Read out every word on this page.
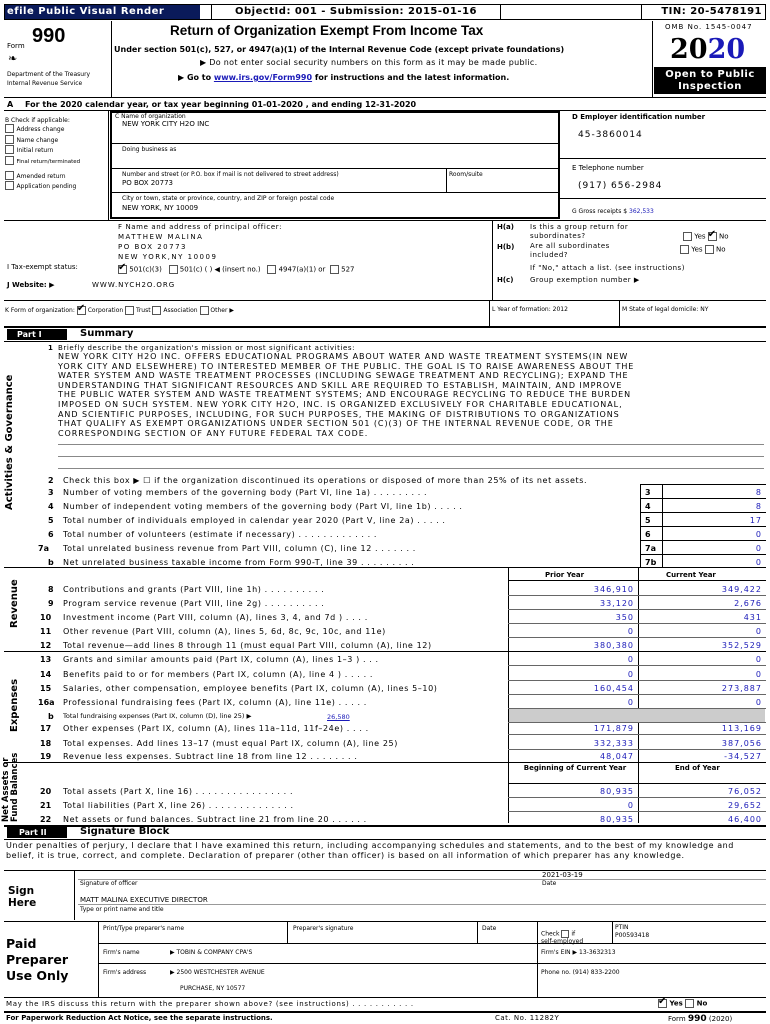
efile Public Visual Render	ObjectId: 001 - Submission: 2015-01-16	TIN: 20-5478191
Form 990
❧
Department of the Treasury Internal Revenue Service
Return of Organization Exempt From Income Tax
Under section 501(c), 527, or 4947(a)(1) of the Internal Revenue Code (except private foundations)
▶ Do not enter social security numbers on this form as it may be made public.
▶ Go to www.irs.gov/Form990 for instructions and the latest information.
OMB No. 1545-0047
2020
Open to Public Inspection
A For the 2020 calendar year, or tax year beginning 01-01-2020 , and ending 12-31-2020
B Check if applicable:
Address change
Name change
Initial return
Final return/terminated
Amended return
Application pending
C Name of organization
NEW YORK CITY H2O INC
Doing business as
Number and street (or P.O. box if mail is not delivered to street address)	Room/suite
PO BOX 20773
City or town, state or province, country, and ZIP or foreign postal code
NEW YORK, NY 10009
D Employer identification number
45-3860014
E Telephone number
(917) 656-2984
G Gross receipts $ 362,533
F Name and address of principal officer:
MATTHEW MALINA
PO BOX 20773
NEW YORK,NY 10009
H(a) Is this a group return for subordinates?	Yes ✔ No
H(b) Are all subordinates included?
Yes No
If "No," attach a list. (see instructions)
I Tax-exempt status: ✔	501(c)(3)	501(c) ( ) ◀ (insert no.)	4947(a)(1) or 527
H(c) Group exemption number ▶
J Website: ▶	WWW.NYCH2O.ORG
K Form of organization: ✔ Corporation Trust Association Other ▶	L Year of formation: 2012	M State of legal domicile: NY
Part I	Summary
1 Briefly describe the organization's mission or most significant activities:
NEW YORK CITY H2O INC. OFFERS EDUCATIONAL PROGRAMS ABOUT WATER AND WASTE TREATMENT SYSTEMS(IN NEW
YORK CITY AND ELSEWHERE) TO INTERESTED MEMBER OF THE PUBLIC. THE GOAL IS TO RAISE AWARENESS ABOUT THE
WATER SYSTEM AND WASTE TREATMENT PROCESSES (INCLUDING SEWAGE TREATMENT AND RECYCLING); EXPAND THE
UNDERSTANDING THAT SIGNIFICANT RESOURCES AND SKILL ARE REQUIRED TO ESTABLISH, MAINTAIN, AND IMPROVE
THE PUBLIC WATER SYSTEM AND WASTE TREATMENT SYSTEMS; AND ENCOURAGE RECYCLING TO REDUCE THE BURDEN
IMPOSED ON SUCH SYSTEM. NEW YORK CITY H2O, INC. IS ORGANIZED EXCLUSIVELY FOR CHARITABLE EDUCATIONAL,
AND SCIENTIFIC PURPOSES, INCLUDING, FOR SUCH PURPOSES, THE MAKING OF DISTRIBUTIONS TO ORGANIZATIONS
THAT QUALIFY AS EXEMPT ORGANIZATIONS UNDER SECTION 501 (C)(3) OF THE INTERNAL REVENUE CODE, OR THE
CORRESPONDING SECTION OF ANY FUTURE FEDERAL TAX CODE.
Activities & Governance
Revenue
Expenses
Net Assets or Fund Balances
2	Check this box ▶ ☐ if the organization discontinued its operations or disposed of more than 25% of its net assets.
3	Number of voting members of the governing body (Part VI, line 1a) . . . . . . . . .	3	8
4	Number of independent voting members of the governing body (Part VI, line 1b) . . . . .	4	8
5	Total number of individuals employed in calendar year 2020 (Part V, line 2a) . . . . .	5	17
6	Total number of volunteers (estimate if necessary) . . . . . . . . . . . . .	6	0
7a	Total unrelated business revenue from Part VIII, column (C), line 12 . . . . . . .	7a	0
b	Net unrelated business taxable income from Form 990-T, line 39 . . . . . . . . .	7b	0
Prior Year	Current Year
8	Contributions and grants (Part VIII, line 1h) . . . . . . . . . .	346,910	349,422
9	Program service revenue (Part VIII, line 2g) . . . . . . . . . .	33,120	2,676
10	Investment income (Part VIII, column (A), lines 3, 4, and 7d ) . . . .	350	431
11	Other revenue (Part VIII, column (A), lines 5, 6d, 8c, 9c, 10c, and 11e)	0	0
12	Total revenue—add lines 8 through 11 (must equal Part VIII, column (A), line 12)	380,380	352,529
13	Grants and similar amounts paid (Part IX, column (A), lines 1–3 ) . . .	0	0
14	Benefits paid to or for members (Part IX, column (A), line 4 ) . . . . .	0	0
15	Salaries, other compensation, employee benefits (Part IX, column (A), lines 5–10)	160,454	273,887
16a	Professional fundraising fees (Part IX, column (A), line 11e) . . . . .	0	0
b	Total fundraising expenses (Part IX, column (D), line 25) ▶	26,580
17	Other expenses (Part IX, column (A), lines 11a–11d, 11f–24e) . . . .	171,879	113,169
18	Total expenses. Add lines 13–17 (must equal Part IX, column (A), line 25)	332,333	387,056
19	Revenue less expenses. Subtract line 18 from line 12 . . . . . . . .	48,047	-34,527
Beginning of Current Year	End of Year
20	Total assets (Part X, line 16) . . . . . . . . . . . . . . . .	80,935	76,052
21	Total liabilities (Part X, line 26) . . . . . . . . . . . . . .	0	29,652
22	Net assets or fund balances. Subtract line 21 from line 20 . . . . . .	80,935	46,400
Part II	Signature Block
Under penalties of perjury, I declare that I have examined this return, including accompanying schedules and statements, and to the best of my knowledge and belief, it is true, correct, and complete. Declaration of preparer (other than officer) is based on all information of which preparer has any knowledge.
Sign Here
2021-03-19
Signature of officer	Date
MATT MALINA EXECUTIVE DIRECTOR
Type or print name and title
Paid Preparer Use Only
Print/Type preparer's name	Preparer's signature	Date
Check if
self-employed
PTIN
P00593418
Firm's name	▶ TOBIN & COMPANY CPA'S	Firm's EIN ▶ 13-3632313
Firm's address	▶ 2500 WESTCHESTER AVENUE	Phone no. (914) 833-2200
PURCHASE, NY 10577
May the IRS discuss this return with the preparer shown above? (see instructions) . . . . . . . . . . . ✔	Yes No
For Paperwork Reduction Act Notice, see the separate instructions.	Cat. No. 11282Y	Form 990 (2020)
